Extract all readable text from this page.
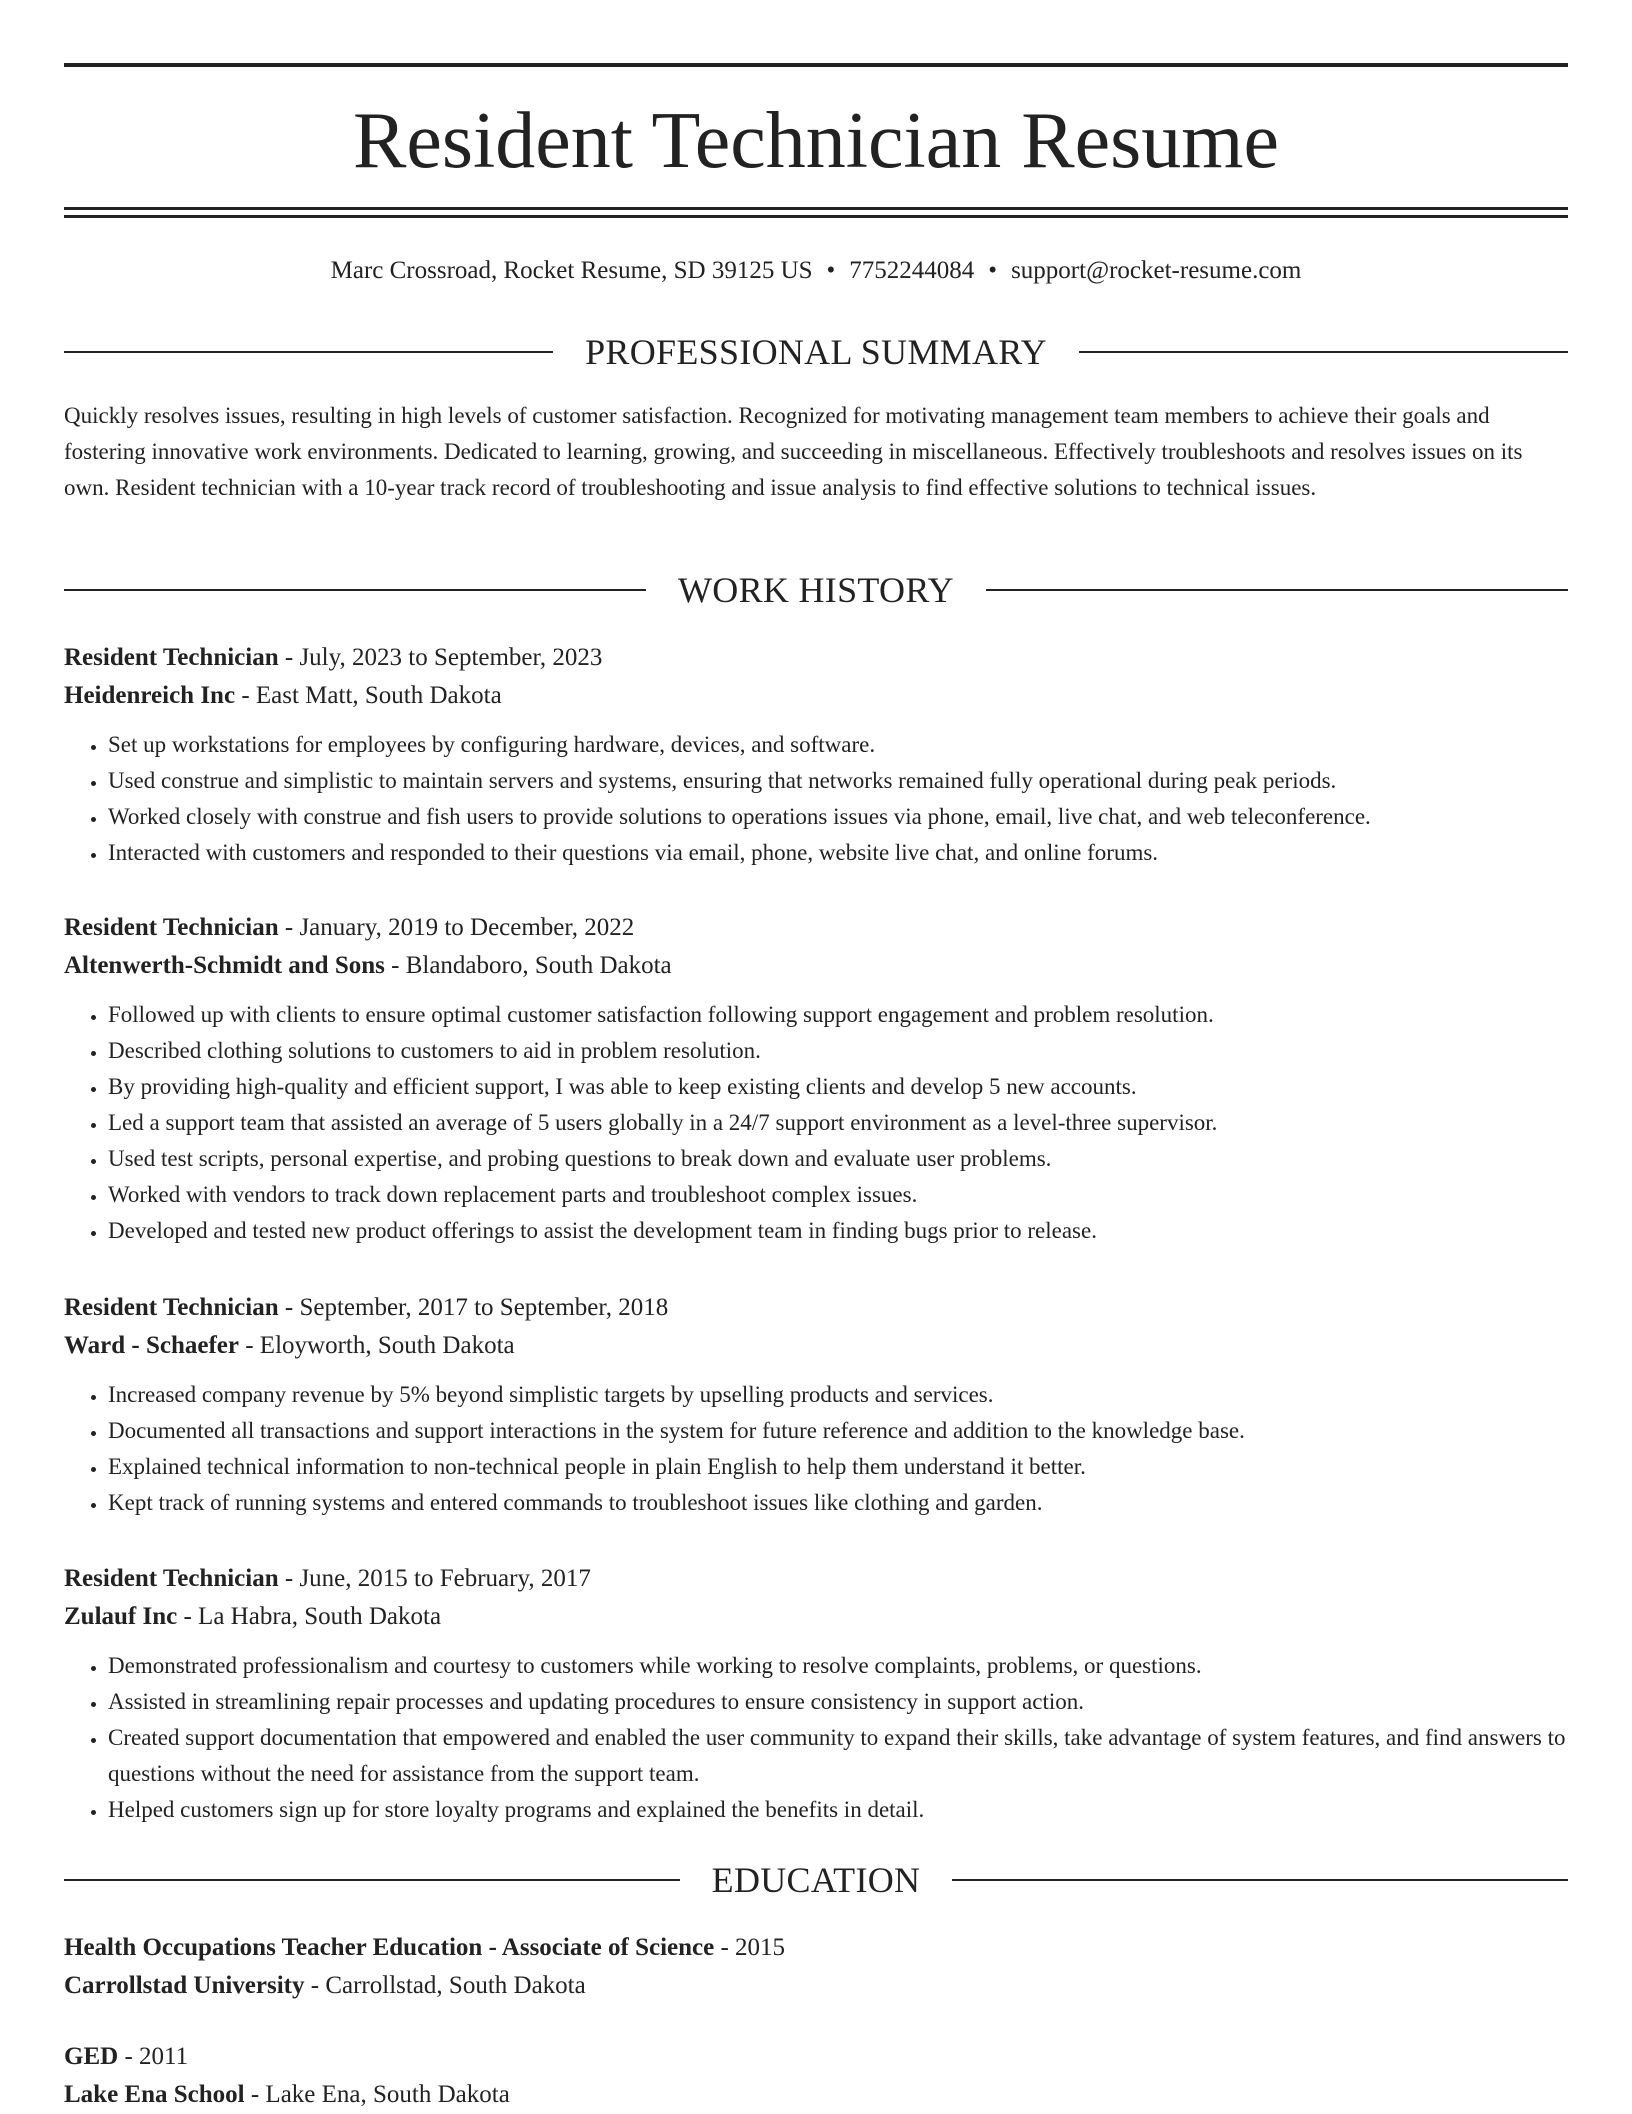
Resident Technician Resume
Marc Crossroad, Rocket Resume, SD 39125 US • 7752244084 • support@rocket-resume.com
PROFESSIONAL SUMMARY

Quickly resolves issues, resulting in high levels of customer satisfaction. Recognized for motivating management team members to achieve their goals and fostering innovative work environments. Dedicated to learning, growing, and succeeding in miscellaneous. Effectively troubleshoots and resolves issues on its own. Resident technician with a 10-year track record of troubleshooting and issue analysis to find effective solutions to technical issues.

WORK HISTORY

Resident Technician - July, 2023 to September, 2023

Heidenreich Inc - East Matt, South Dakota

• Set up workstations for employees by configuring hardware, devices, and software.
• Used construe and simplistic to maintain servers and systems, ensuring that networks remained fully operational during peak periods.
• Worked closely with construe and fish users to provide solutions to operations issues via phone, email, live chat, and web teleconference.
• Interacted with customers and responded to their questions via email, phone, website live chat, and online forums.

Resident Technician - January, 2019 to December, 2022

Altenwerth-Schmidt and Sons - Blandaboro, South Dakota

• Followed up with clients to ensure optimal customer satisfaction following support engagement and problem resolution.
• Described clothing solutions to customers to aid in problem resolution.
• By providing high-quality and efficient support, I was able to keep existing clients and develop 5 new accounts.
• Led a support team that assisted an average of 5 users globally in a 24/7 support environment as a level-three supervisor.
• Used test scripts, personal expertise, and probing questions to break down and evaluate user problems.
• Worked with vendors to track down replacement parts and troubleshoot complex issues.
• Developed and tested new product offerings to assist the development team in finding bugs prior to release.

Resident Technician - September, 2017 to September, 2018

Ward - Schaefer - Eloyworth, South Dakota

• Increased company revenue by 5% beyond simplistic targets by upselling products and services.
• Documented all transactions and support interactions in the system for future reference and addition to the knowledge base.
• Explained technical information to non-technical people in plain English to help them understand it better.
• Kept track of running systems and entered commands to troubleshoot issues like clothing and garden.

Resident Technician - June, 2015 to February, 2017

Zulauf Inc - La Habra, South Dakota

• Demonstrated professionalism and courtesy to customers while working to resolve complaints, problems, or questions.
• Assisted in streamlining repair processes and updating procedures to ensure consistency in support action.
• Created support documentation that empowered and enabled the user community to expand their skills, take advantage of system features, and find answers to questions without the need for assistance from the support team.
• Helped customers sign up for store loyalty programs and explained the benefits in detail.
EDUCATION

Health Occupations Teacher Education - Associate of Science - 2015

Carrollstad University - Carrollstad, South Dakota

GED - 2011

Lake Ena School - Lake Ena, South Dakota
